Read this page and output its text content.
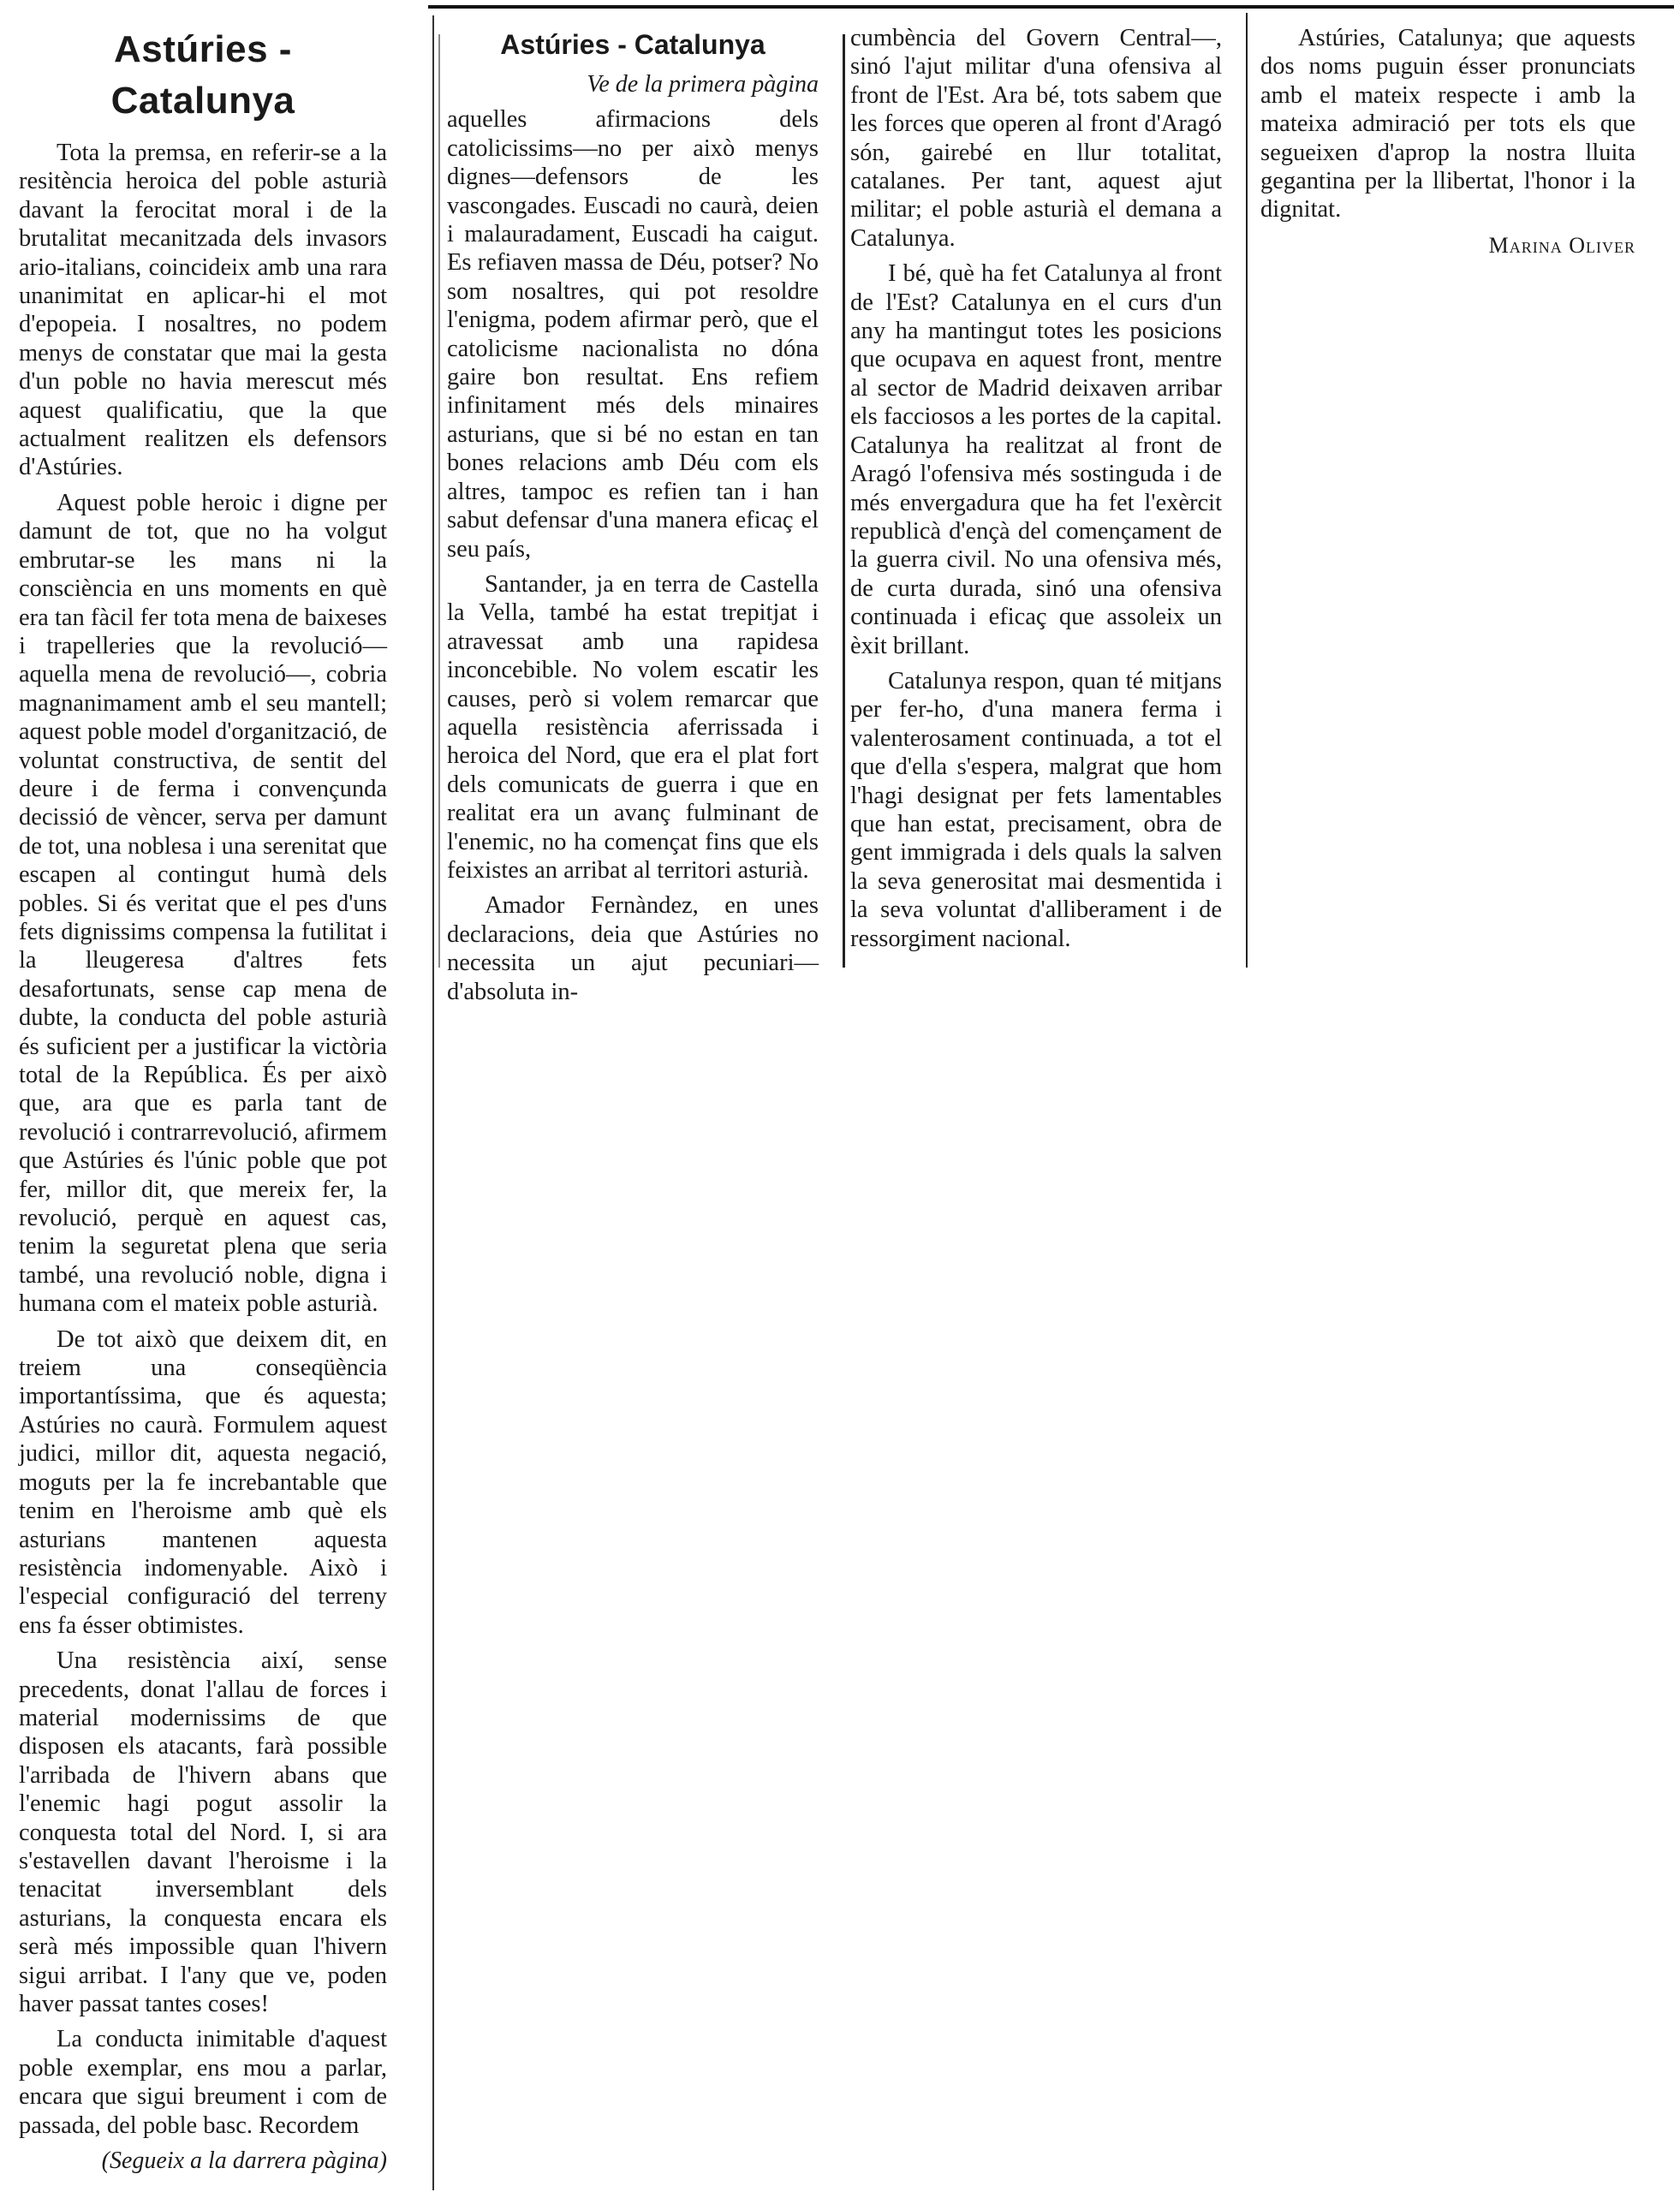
Astúries - Catalunya

Tota la premsa, en referir-se a la resitència heroica del poble asturià davant la ferocitat moral i de la brutalitat mecanitzada dels invasors ario-italians, coincideix amb una rara unanimitat en aplicar-hi el mot d'epopeia. I nosaltres, no podem menys de constatar que mai la gesta d'un poble no havia merescut més aquest qualificatiu, que la que actualment realitzen els defensors d'Astúries.

Aquest poble heroic i digne per damunt de tot, que no ha volgut embrutar-se les mans ni la consciència en uns moments en què era tan fàcil fer tota mena de baixeses i trapelleries que la revolució—aquella mena de revolució—, cobria magnanimament amb el seu mantell; aquest poble model d'organització, de voluntat constructiva, de sentit del deure i de ferma i convençunda decissió de vèncer, serva per damunt de tot, una noblesa i una serenitat que escapen al contingut humà dels pobles. Si és veritat que el pes d'uns fets dignissims compensa la futilitat i la lleugeresa d'altres fets desafortunats, sense cap mena de dubte, la conducta del poble asturià és suficient per a justificar la victòria total de la República. És per això que, ara que es parla tant de revolució i contrarrevolució, afirmem que Astúries és l'únic poble que pot fer, millor dit, que mereix fer, la revolució, perquè en aquest cas, tenim la seguretat plena que seria també, una revolució noble, digna i humana com el mateix poble asturià.

De tot això que deixem dit, en treiem una conseqüència importantíssima, que és aquesta; Astúries no caurà. Formulem aquest judici, millor dit, aquesta negació, moguts per la fe increbantable que tenim en l'heroisme amb què els asturians mantenen aquesta resistència indomenyable. Això i l'especial configuració del terreny ens fa ésser obtimistes.

Una resistència així, sense precedents, donat l'allau de forces i material modernissims de que disposen els atacants, farà possible l'arribada de l'hivern abans que l'enemic hagi pogut assolir la conquesta total del Nord. I, si ara s'estavellen davant l'heroisme i la tenacitat inversemblant dels asturians, la conquesta encara els serà més impossible quan l'hivern sigui arribat. I l'any que ve, poden haver passat tantes coses!

La conducta inimitable d'aquest poble exemplar, ens mou a parlar, encara que sigui breument i com de passada, del poble basc. Recordem

(Segueix a la darrera pàgina)
Astúries - Catalunya
Ve de la primera pàgina

aquelles afirmacions dels catolicissims—no per això menys dignes—defensors de les vascongades. Euscadi no caurà, deien i malauradament, Euscadi ha caigut. Es refiaven massa de Déu, potser? No som nosaltres, qui pot resoldre l'enigma, podem afirmar però, que el catolicisme nacionalista no dóna gaire bon resultat. Ens refiem infinitament més dels minaires asturians, que si bé no estan en tan bones relacions amb Déu com els altres, tampoc es refien tan i han sabut defensar d'una manera eficaç el seu país,

Santander, ja en terra de Castella la Vella, també ha estat trepitjat i atravessat amb una rapidesa inconcebible. No volem escatir les causes, però si volem remarcar que aquella resistència aferrissada i heroica del Nord, que era el plat fort dels comunicats de guerra i que en realitat era un avanç fulminant de l'enemic, no ha començat fins que els feixistes an arribat al territori asturià.

Amador Fernàndez, en unes declaracions, deia que Astúries no necessita un ajut pecuniari—d'absoluta in-

cumbència del Govern Central—, sinó l'ajut militar d'una ofensiva al front de l'Est. Ara bé, tots sabem que les forces que operen al front d'Aragó són, gairebé en llur totalitat, catalanes. Per tant, aquest ajut militar; el poble asturià el demana a Catalunya.

I bé, què ha fet Catalunya al front de l'Est? Catalunya en el curs d'un any ha mantingut totes les posicions que ocupava en aquest front, mentre al sector de Madrid deixaven arribar els facciosos a les portes de la capital. Catalunya ha realitzat al front de Aragó l'ofensiva més sostinguda i de més envergadura que ha fet l'exèrcit republicà d'ençà del començament de la guerra civil. No una ofensiva més, de curta durada, sinó una ofensiva continuada i eficaç que assoleix un èxit brillant.

Catalunya respon, quan té mitjans per fer-ho, d'una manera ferma i valenterosament continuada, a tot el que d'ella s'espera, malgrat que hom l'hagi designat per fets lamentables que han estat, precisament, obra de gent immigrada i dels quals la salven la seva generositat mai desmentida i la seva voluntat d'alliberament i de ressorgiment nacional.

Astúries, Catalunya; que aquests dos noms puguin ésser pronunciats amb el mateix respecte i amb la mateixa admiració per tots els que segueixen d'aprop la nostra lluita gegantina per la llibertat, l'honor i la dignitat.

Marina Oliver
